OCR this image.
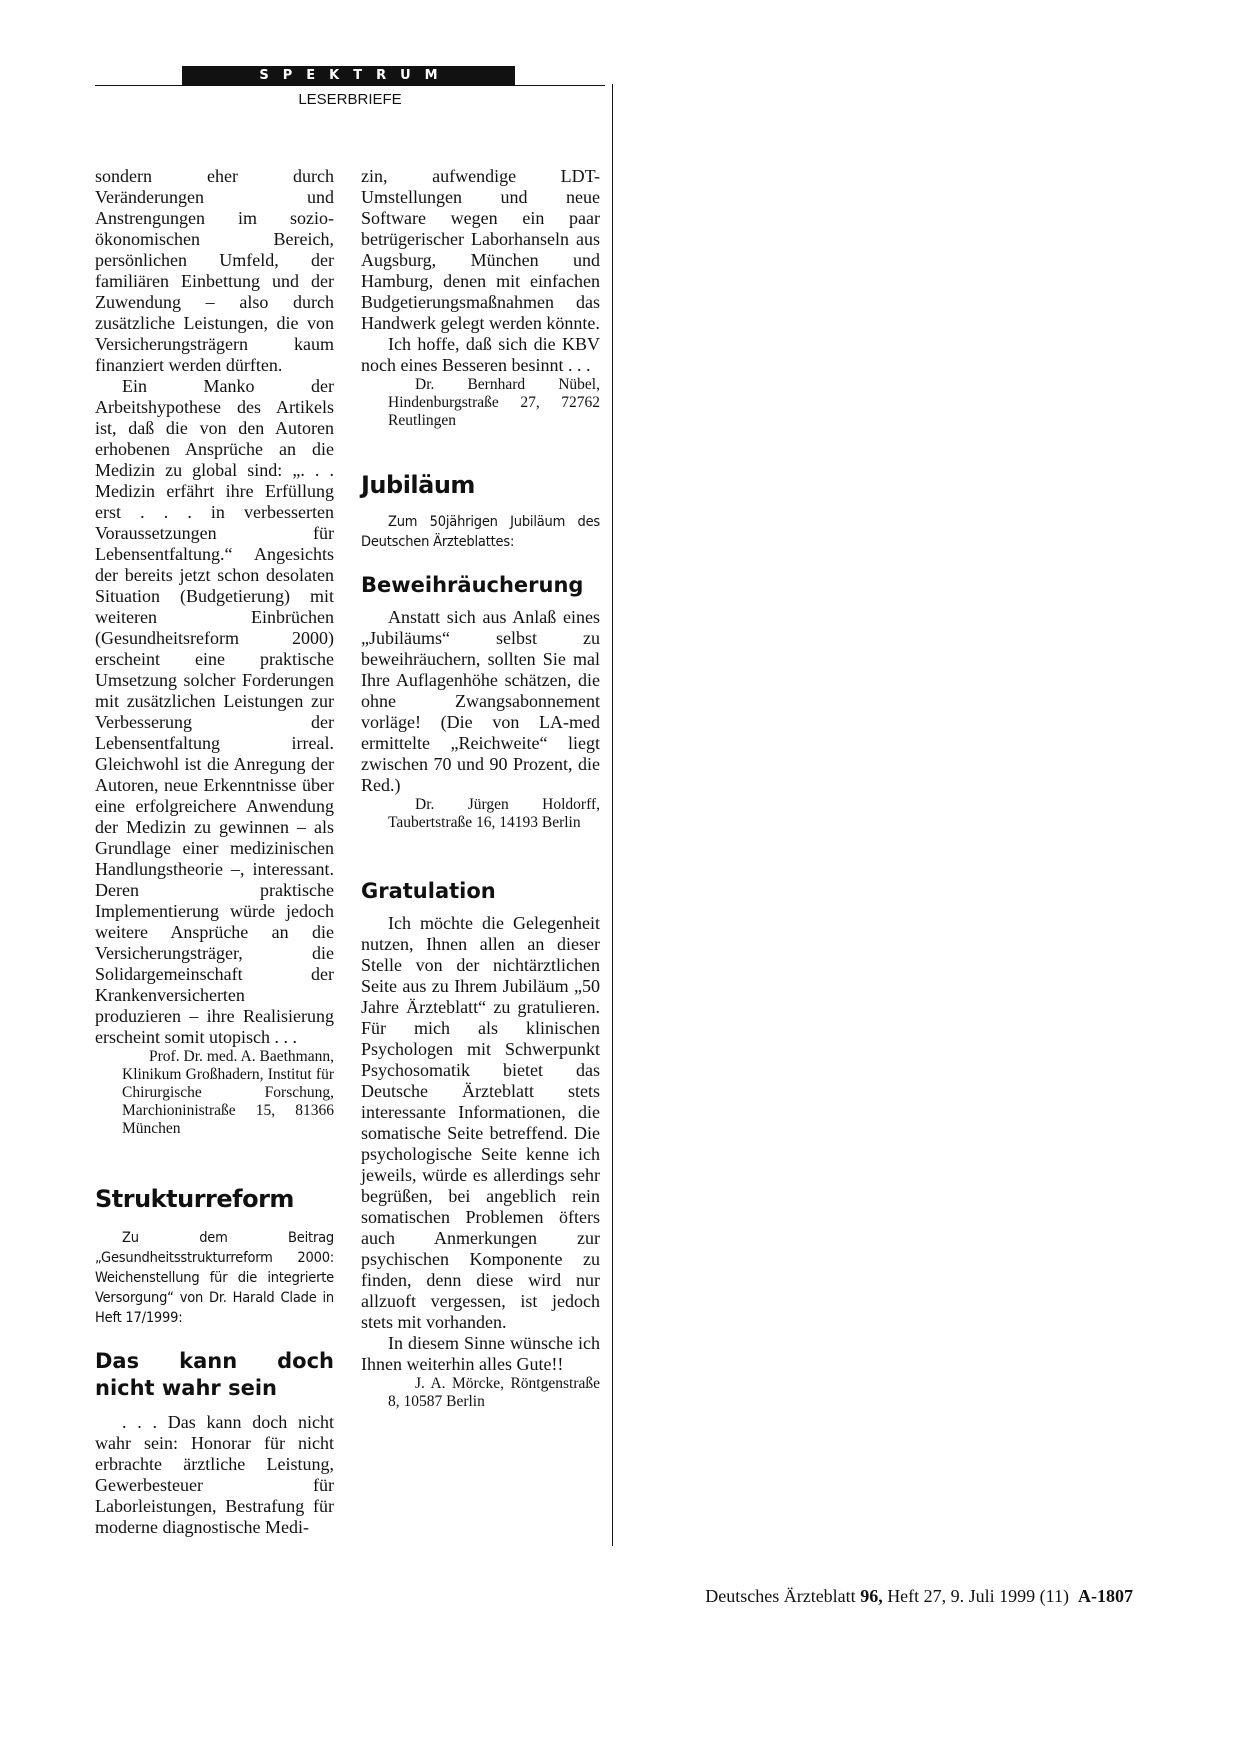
SPEKTRUM
LESERBRIEFE

sondern eher durch Veränderungen und Anstrengungen im sozio-ökonomischen Bereich, persönlichen Umfeld, der familiären Einbettung und der Zuwendung – also durch zusätzliche Leistungen, die von Versicherungsträgern kaum finanziert werden dürften.

Ein Manko der Arbeitshypothese des Artikels ist, daß die von den Autoren erhobenen Ansprüche an die Medizin zu global sind: „. . . Medizin erfährt ihre Erfüllung erst . . . in verbesserten Voraussetzungen für Lebensentfaltung.“ Angesichts der bereits jetzt schon desolaten Situation (Budgetierung) mit weiteren Einbrüchen (Gesundheitsreform 2000) erscheint eine praktische Umsetzung solcher Forderungen mit zusätzlichen Leistungen zur Verbesserung der Lebensentfaltung irreal. Gleichwohl ist die Anregung der Autoren, neue Erkenntnisse über eine erfolgreichere Anwendung der Medizin zu gewinnen – als Grundlage einer medizinischen Handlungstheorie –, interessant. Deren praktische Implementierung würde jedoch weitere Ansprüche an die Versicherungsträger, die Solidargemeinschaft der Krankenversicherten produzieren – ihre Realisierung erscheint somit utopisch . . .

Prof. Dr. med. A. Baethmann, Klinikum Großhadern, Institut für Chirurgische Forschung, Marchioninistraße 15, 81366 München

Strukturreform

Zu dem Beitrag „Gesundheitsstrukturreform 2000: Weichenstellung für die integrierte Versorgung“ von Dr. Harald Clade in Heft 17/1999:

Das kann doch nicht wahr sein

. . . Das kann doch nicht wahr sein: Honorar für nicht erbrachte ärztliche Leistung, Gewerbesteuer für Laborleistungen, Bestrafung für moderne diagnostische Medi-

zin, aufwendige LDT-Umstellungen und neue Software wegen ein paar betrügerischer Laborhanseln aus Augsburg, München und Hamburg, denen mit einfachen Budgetierungsmaßnahmen das Handwerk gelegt werden könnte.

Ich hoffe, daß sich die KBV noch eines Besseren besinnt . . .

Dr. Bernhard Nübel, Hindenburgstraße 27, 72762 Reutlingen

Jubiläum

Zum 50jährigen Jubiläum des Deutschen Ärzteblattes:

Beweihräucherung

Anstatt sich aus Anlaß eines „Jubiläums“ selbst zu beweihräuchern, sollten Sie mal Ihre Auflagenhöhe schätzen, die ohne Zwangsabonnement vorläge! (Die von LA-med ermittelte „Reichweite“ liegt zwischen 70 und 90 Prozent, die Red.)

Dr. Jürgen Holdorff, Taubertstraße 16, 14193 Berlin

Gratulation

Ich möchte die Gelegenheit nutzen, Ihnen allen an dieser Stelle von der nichtärztlichen Seite aus zu Ihrem Jubiläum „50 Jahre Ärzteblatt“ zu gratulieren. Für mich als klinischen Psychologen mit Schwerpunkt Psychosomatik bietet das Deutsche Ärzteblatt stets interessante Informationen, die somatische Seite betreffend. Die psychologische Seite kenne ich jeweils, würde es allerdings sehr begrüßen, bei angeblich rein somatischen Problemen öfters auch Anmerkungen zur psychischen Komponente zu finden, denn diese wird nur allzuoft vergessen, ist jedoch stets mit vorhanden.

In diesem Sinne wünsche ich Ihnen weiterhin alles Gute!!

J. A. Mörcke, Röntgenstraße 8, 10587 Berlin

Deutsches Ärzteblatt 96, Heft 27, 9. Juli 1999 (11) A-1807
